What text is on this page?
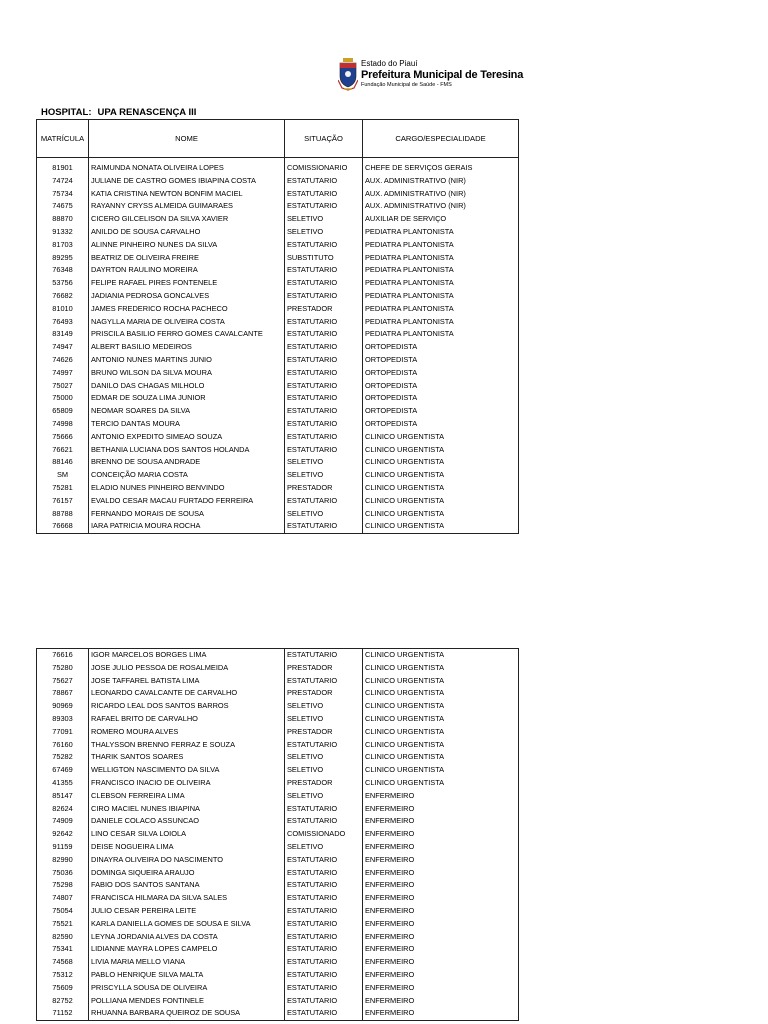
Estado do Piauí
Prefeitura Municipal de Teresina
Fundação Municipal de Saúde - FMS
HOSPITAL: UPA RENASCENÇA III
MATRÍCULA	NOME	SITUAÇÃO	CARGO/ESPECIALIDADE

81901	RAIMUNDA NONATA OLIVEIRA LOPES	COMISSIONARIO	CHEFE DE SERVIÇOS GERAIS
74724	JULIANE DE CASTRO GOMES IBIAPINA COSTA	ESTATUTARIO	AUX. ADMINISTRATIVO (NIR)
75734	KATIA CRISTINA NEWTON BONFIM MACIEL	ESTATUTARIO	AUX. ADMINISTRATIVO (NIR)
74675	RAYANNY CRYSS ALMEIDA GUIMARAES	ESTATUTARIO	AUX. ADMINISTRATIVO (NIR)
88870	CICERO GILCELISON DA SILVA XAVIER	SELETIVO	AUXILIAR DE SERVIÇO
91332	ANILDO DE SOUSA CARVALHO	SELETIVO	PEDIATRA PLANTONISTA
81703	ALINNE PINHEIRO NUNES DA SILVA	ESTATUTARIO	PEDIATRA PLANTONISTA
89295	BEATRIZ DE OLIVEIRA FREIRE	SUBSTITUTO	PEDIATRA PLANTONISTA
76348	DAYRTON RAULINO MOREIRA	ESTATUTARIO	PEDIATRA PLANTONISTA
53756	FELIPE RAFAEL PIRES FONTENELE	ESTATUTARIO	PEDIATRA PLANTONISTA
76682	JADIANIA PEDROSA GONCALVES	ESTATUTARIO	PEDIATRA PLANTONISTA
81010	JAMES FREDERICO ROCHA PACHECO	PRESTADOR	PEDIATRA PLANTONISTA
76493	NAGYLLA MARIA DE OLIVEIRA COSTA	ESTATUTARIO	PEDIATRA PLANTONISTA
83149	PRISCILA BASILIO FERRO GOMES CAVALCANTE	ESTATUTARIO	PEDIATRA PLANTONISTA
74947	ALBERT BASILIO MEDEIROS	ESTATUTARIO	ORTOPEDISTA
74626	ANTONIO NUNES MARTINS JUNIO	ESTATUTARIO	ORTOPEDISTA
74997	BRUNO WILSON DA SILVA MOURA	ESTATUTARIO	ORTOPEDISTA
75027	DANILO DAS CHAGAS MILHOLO	ESTATUTARIO	ORTOPEDISTA
75000	EDMAR DE SOUZA LIMA JUNIOR	ESTATUTARIO	ORTOPEDISTA
65809	NEOMAR SOARES DA SILVA	ESTATUTARIO	ORTOPEDISTA
74998	TERCIO DANTAS MOURA	ESTATUTARIO	ORTOPEDISTA
75666	ANTONIO EXPEDITO SIMEAO SOUZA	ESTATUTARIO	CLINICO URGENTISTA
76621	BETHANIA LUCIANA DOS SANTOS HOLANDA	ESTATUTARIO	CLINICO URGENTISTA
88146	BRENNO DE SOUSA ANDRADE	SELETIVO	CLINICO URGENTISTA
SM	CONCEIÇÃO MARIA COSTA	SELETIVO	CLINICO URGENTISTA
75281	ELADIO NUNES PINHEIRO BENVINDO	PRESTADOR	CLINICO URGENTISTA
76157	EVALDO CESAR MACAU FURTADO FERREIRA	ESTATUTARIO	CLINICO URGENTISTA
88788	FERNANDO MORAIS DE SOUSA	SELETIVO	CLINICO URGENTISTA
76668	IARA PATRICIA MOURA ROCHA	ESTATUTARIO	CLINICO URGENTISTA
76616	IGOR MARCELOS BORGES LIMA	ESTATUTARIO	CLINICO URGENTISTA
75280	JOSE JULIO PESSOA DE ROSALMEIDA	PRESTADOR	CLINICO URGENTISTA
75627	JOSE TAFFAREL BATISTA LIMA	ESTATUTARIO	CLINICO URGENTISTA
78867	LEONARDO CAVALCANTE DE CARVALHO	PRESTADOR	CLINICO URGENTISTA
90969	RICARDO LEAL DOS SANTOS BARROS	SELETIVO	CLINICO URGENTISTA
89303	RAFAEL BRITO DE CARVALHO	SELETIVO	CLINICO URGENTISTA
77091	ROMERO MOURA ALVES	PRESTADOR	CLINICO URGENTISTA
76160	THALYSSON BRENNO FERRAZ E SOUZA	ESTATUTARIO	CLINICO URGENTISTA
75282	THARIK SANTOS SOARES	SELETIVO	CLINICO URGENTISTA
67469	WELLIGTON NASCIMENTO DA SILVA	SELETIVO	CLINICO URGENTISTA
41355	FRANCISCO INACIO DE OLIVEIRA	PRESTADOR	CLINICO URGENTISTA
85147	CLEBSON FERREIRA LIMA	SELETIVO	ENFERMEIRO
82624	CIRO MACIEL NUNES IBIAPINA	ESTATUTARIO	ENFERMEIRO
74909	DANIELE COLACO ASSUNCAO	ESTATUTARIO	ENFERMEIRO
92642	LINO CESAR SILVA LOIOLA	COMISSIONADO	ENFERMEIRO
91159	DEISE NOGUEIRA LIMA	SELETIVO	ENFERMEIRO
82990	DINAYRA OLIVEIRA DO NASCIMENTO	ESTATUTARIO	ENFERMEIRO
75036	DOMINGA SIQUEIRA ARAUJO	ESTATUTARIO	ENFERMEIRO
75298	FABIO DOS SANTOS SANTANA	ESTATUTARIO	ENFERMEIRO
74807	FRANCISCA HILMARA DA SILVA SALES	ESTATUTARIO	ENFERMEIRO
75054	JULIO CESAR PEREIRA LEITE	ESTATUTARIO	ENFERMEIRO
75521	KARLA DANIELLA GOMES DE SOUSA E SILVA	ESTATUTARIO	ENFERMEIRO
82590	LEYNA JORDANIA ALVES DA COSTA	ESTATUTARIO	ENFERMEIRO
75341	LIDIANNE MAYRA LOPES CAMPELO	ESTATUTARIO	ENFERMEIRO
74568	LIVIA MARIA MELLO VIANA	ESTATUTARIO	ENFERMEIRO
75312	PABLO HENRIQUE SILVA MALTA	ESTATUTARIO	ENFERMEIRO
75609	PRISCYLLA SOUSA DE OLIVEIRA	ESTATUTARIO	ENFERMEIRO
82752	POLLIANA MENDES FONTINELE	ESTATUTARIO	ENFERMEIRO
71152	RHUANNA BARBARA QUEIROZ DE SOUSA	ESTATUTARIO	ENFERMEIRO
